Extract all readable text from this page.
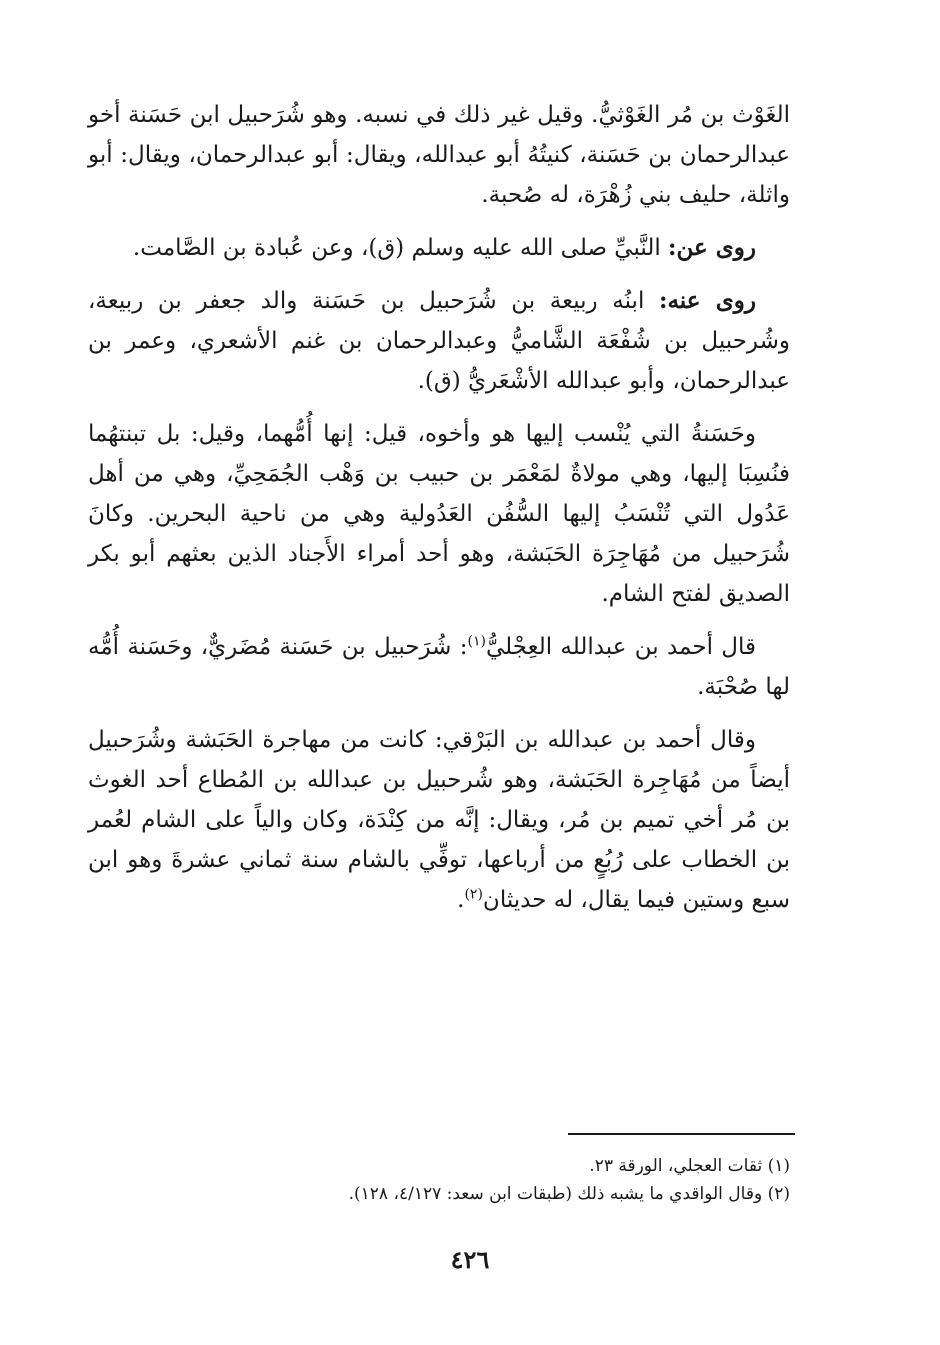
الغَوْث بن مُر الغَوْثيُّ. وقيل غير ذلك في نسبه. وهو شُرَحبيل ابن حَسَنة أخو عبدالرحمان بن حَسَنة، كنيتُهُ أبو عبدالله، ويقال: أبو عبدالرحمان، ويقال: أبو واثلة، حليف بني زُهْرَة، له صُحبة.

روى عن: النَّبيِّ صلى الله عليه وسلم (ق)، وعن عُبادة بن الصَّامت.

روى عنه: ابنُه ربيعة بن شُرَحبيل بن حَسَنة والد جعفر بن ربيعة، وشُرحبيل بن شُفْعَة الشَّاميُّ وعبدالرحمان بن غنم الأشعري، وعمر بن عبدالرحمان، وأبو عبدالله الأشْعَريُّ (ق).

وحَسَنةُ التي يُنْسب إليها هو وأخوه، قيل: إنها أُمُّهما، وقيل: بل تبنتهُما فنُسِبَا إليها، وهي مولاةٌ لمَعْمَر بن حبيب بن وَهْب الجُمَحِيِّ، وهي من أهل عَدُول التي تُنْسَبُ إليها السُّفُن العَدُولية وهي من ناحية البحرين. وكانَ شُرَحبيل من مُهَاجِرَة الحَبَشة، وهو أحد أمراء الأَجناد الذين بعثهم أبو بكر الصديق لفتح الشام.

قال أحمد بن عبدالله العِجْليُّ$^{(١)}$: شُرَحبيل بن حَسَنة مُضَريٌّ، وحَسَنة أُمُّه لها صُحْبَة.

وقال أحمد بن عبدالله بن البَرْقي: كانت من مهاجرة الحَبَشة وشُرَحبيل أيضاً من مُهَاجِرة الحَبَشة، وهو شُرحبيل بن عبدالله بن المُطاع أحد الغوث بن مُر أخي تميم بن مُر، ويقال: إنَّه من كِنْدَة، وكان والياً على الشام لعُمر بن الخطاب على رُبُعٍ من أرباعها، توفِّي بالشام سنة ثماني عشرةَ وهو ابن سبع وستين فيما يقال، له حديثان$^{(٢)}$.

(١) ثقات العجلي، الورقة ٢٣.

(٢) وقال الواقدي ما يشبه ذلك (طبقات ابن سعد: ٤/١٢٧، ١٢٨).

٤٢٦
